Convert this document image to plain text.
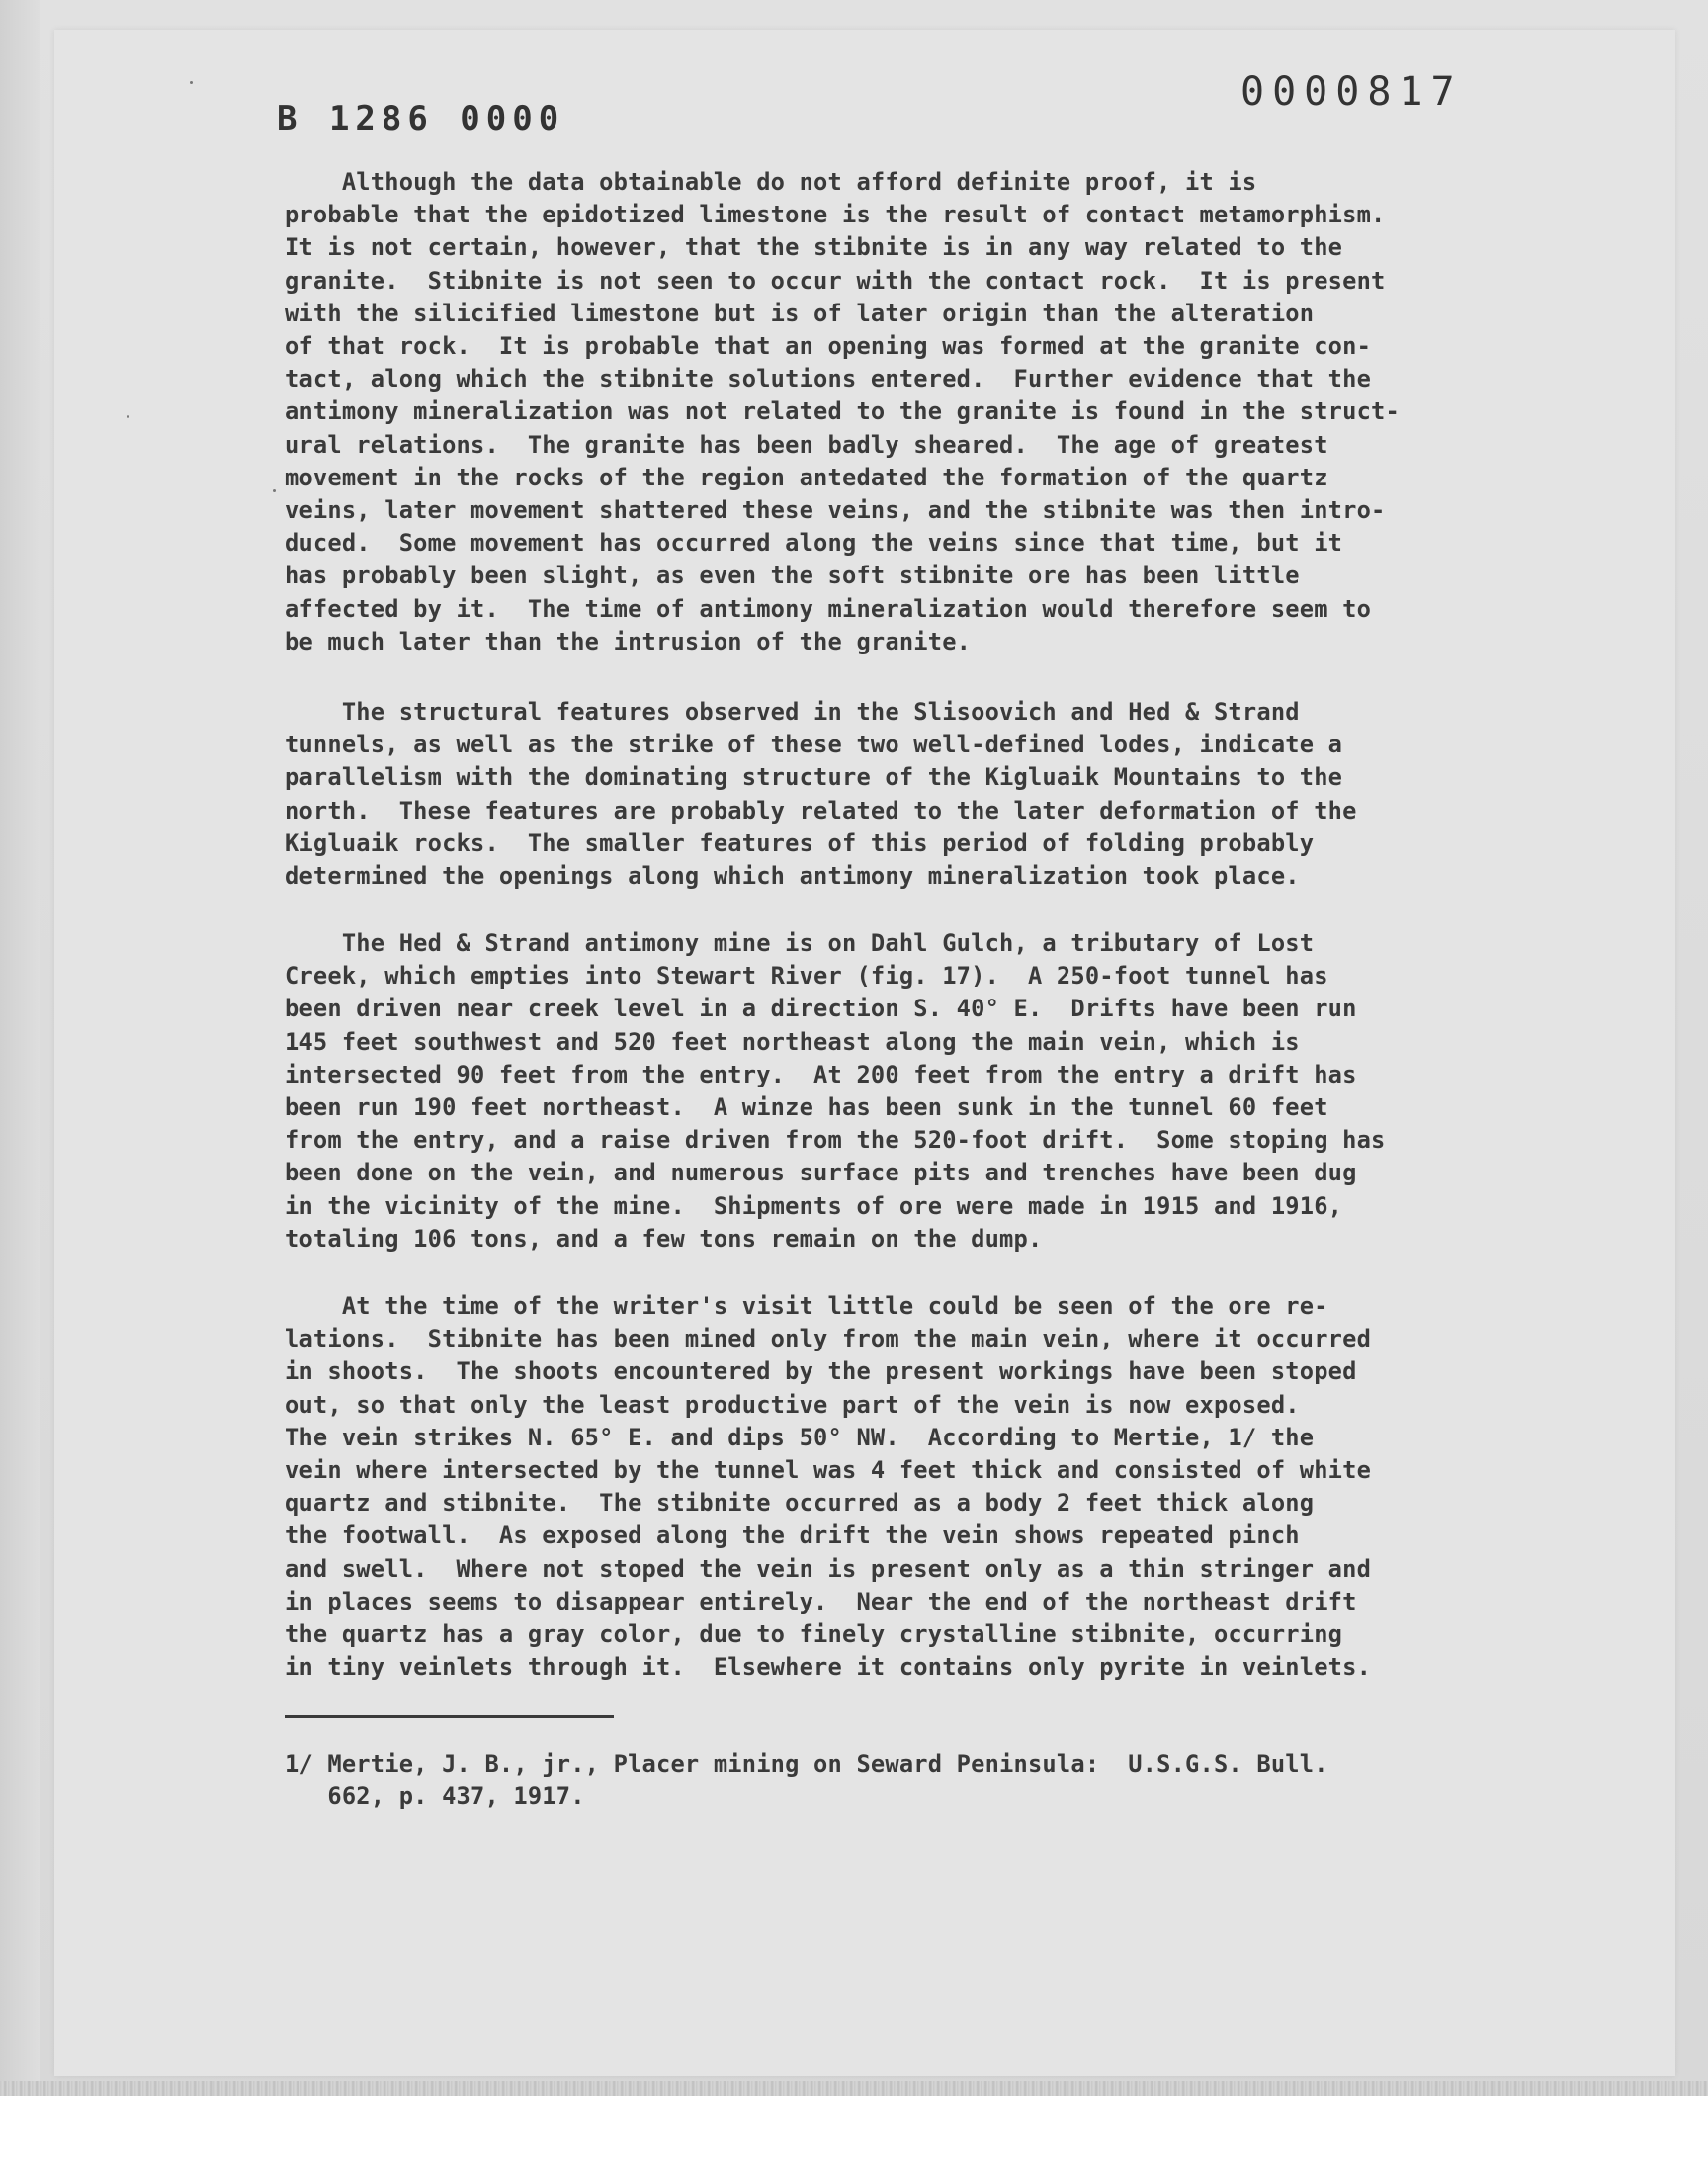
B 1286 0000
0000817
Although the data obtainable do not afford definite proof, it is
probable that the epidotized limestone is the result of contact metamorphism.
It is not certain, however, that the stibnite is in any way related to the
granite.  Stibnite is not seen to occur with the contact rock.  It is present
with the silicified limestone but is of later origin than the alteration
of that rock.  It is probable that an opening was formed at the granite con-
tact, along which the stibnite solutions entered.  Further evidence that the
antimony mineralization was not related to the granite is found in the struct-
ural relations.  The granite has been badly sheared.  The age of greatest
movement in the rocks of the region antedated the formation of the quartz
veins, later movement shattered these veins, and the stibnite was then intro-
duced.  Some movement has occurred along the veins since that time, but it
has probably been slight, as even the soft stibnite ore has been little
affected by it.  The time of antimony mineralization would therefore seem to
be much later than the intrusion of the granite.
The structural features observed in the Slisoovich and Hed & Strand
tunnels, as well as the strike of these two well-defined lodes, indicate a
parallelism with the dominating structure of the Kigluaik Mountains to the
north.  These features are probably related to the later deformation of the
Kigluaik rocks.  The smaller features of this period of folding probably
determined the openings along which antimony mineralization took place.
The Hed & Strand antimony mine is on Dahl Gulch, a tributary of Lost
Creek, which empties into Stewart River (fig. 17).  A 250-foot tunnel has
been driven near creek level in a direction S. 40° E.  Drifts have been run
145 feet southwest and 520 feet northeast along the main vein, which is
intersected 90 feet from the entry.  At 200 feet from the entry a drift has
been run 190 feet northeast.  A winze has been sunk in the tunnel 60 feet
from the entry, and a raise driven from the 520-foot drift.  Some stoping has
been done on the vein, and numerous surface pits and trenches have been dug
in the vicinity of the mine.  Shipments of ore were made in 1915 and 1916,
totaling 106 tons, and a few tons remain on the dump.
At the time of the writer's visit little could be seen of the ore re-
lations.  Stibnite has been mined only from the main vein, where it occurred
in shoots.  The shoots encountered by the present workings have been stoped
out, so that only the least productive part of the vein is now exposed.
The vein strikes N. 65° E. and dips 50° NW.  According to Mertie, 1/ the
vein where intersected by the tunnel was 4 feet thick and consisted of white
quartz and stibnite.  The stibnite occurred as a body 2 feet thick along
the footwall.  As exposed along the drift the vein shows repeated pinch
and swell.  Where not stoped the vein is present only as a thin stringer and
in places seems to disappear entirely.  Near the end of the northeast drift
the quartz has a gray color, due to finely crystalline stibnite, occurring
in tiny veinlets through it.  Elsewhere it contains only pyrite in veinlets.
1/ Mertie, J. B., jr., Placer mining on Seward Peninsula:  U.S.G.S. Bull.
662, p. 437, 1917.
